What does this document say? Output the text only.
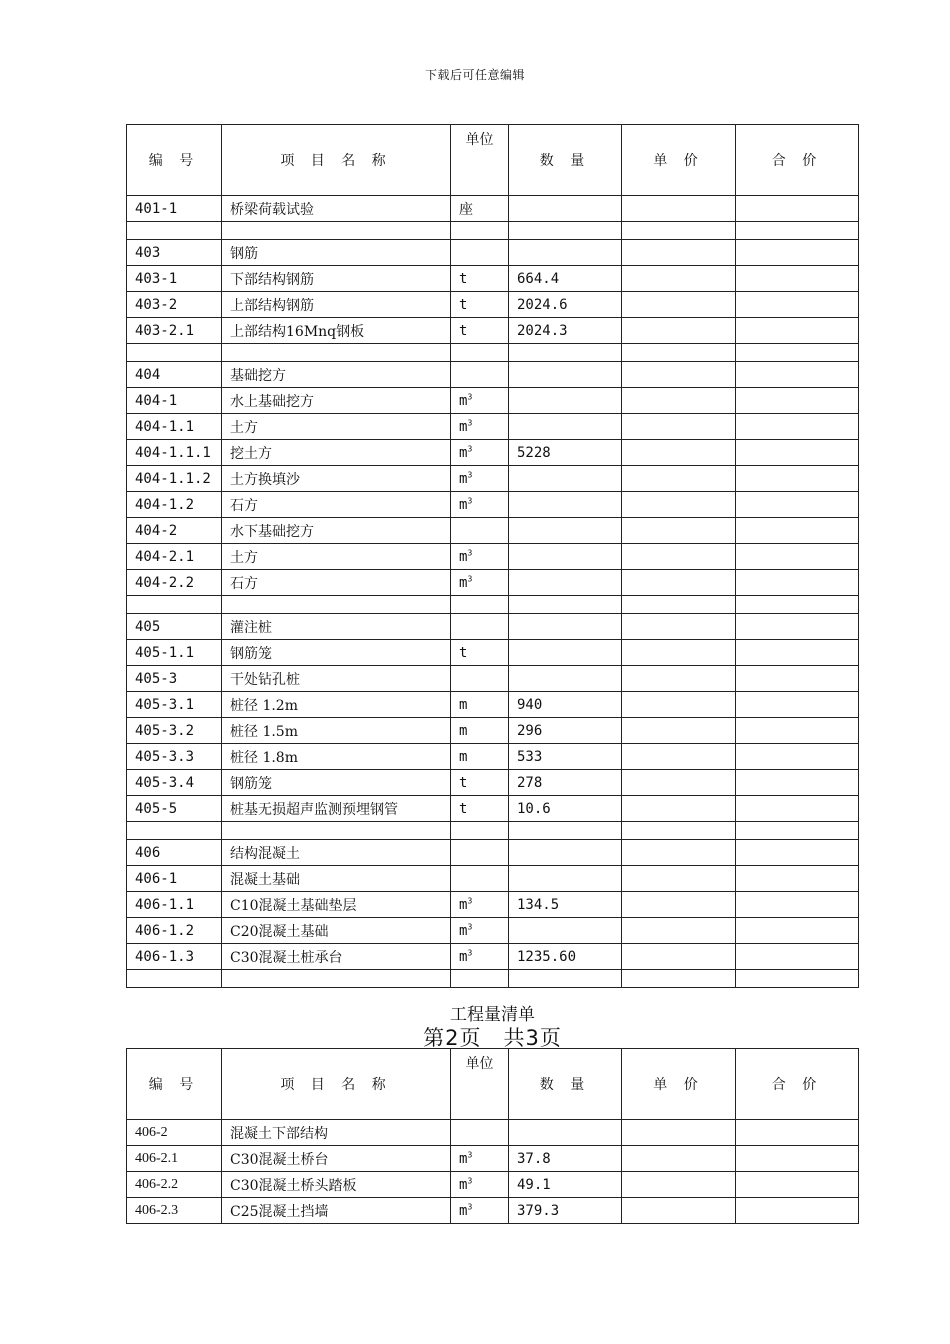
下载后可任意编辑
编 号	项 目 名 称	单位	数 量	单 价	合 价
401-1	桥梁荷载试验	座			

403	钢筋				
403-1	下部结构钢筋	t	664.4		
403-2	上部结构钢筋	t	2024.6		
403-2.1	上部结构16Mnq钢板	t	2024.3		

404	基础挖方				
404-1	水上基础挖方	$m^3$			
404-1.1	土方	$m^3$			
404-1.1.1	挖土方	$m^3$	5228		
404-1.1.2	土方换填沙	$m^3$			
404-1.2	石方	$m^3$			
404-2	水下基础挖方				
404-2.1	土方	$m^3$			
404-2.2	石方	$m^3$			

405	灌注桩				
405-1.1	钢筋笼	t			
405-3	干处钻孔桩				
405-3.1	桩径 1.2m	m	940		
405-3.2	桩径 1.5m	m	296		
405-3.3	桩径 1.8m	m	533		
405-3.4	钢筋笼	t	278		
405-5	桩基无损超声监测预埋钢管	t	10.6		

406	结构混凝土				
406-1	混凝土基础				
406-1.1	C10混凝土基础垫层	$m^3$	134.5		
406-1.2	C20混凝土基础	$m^3$			
406-1.3	C30混凝土桩承台	$m^3$	1235.60		

工程量清单
第2页　共3页
编 号	项 目 名 称	单位	数 量	单 价	合 价
406-2	混凝土下部结构				
406-2.1	C30混凝土桥台	$m^3$	37.8		
406-2.2	C30混凝土桥头踏板	$m^3$	49.1		
406-2.3	C25混凝土挡墙	$m^3$	379.3		
